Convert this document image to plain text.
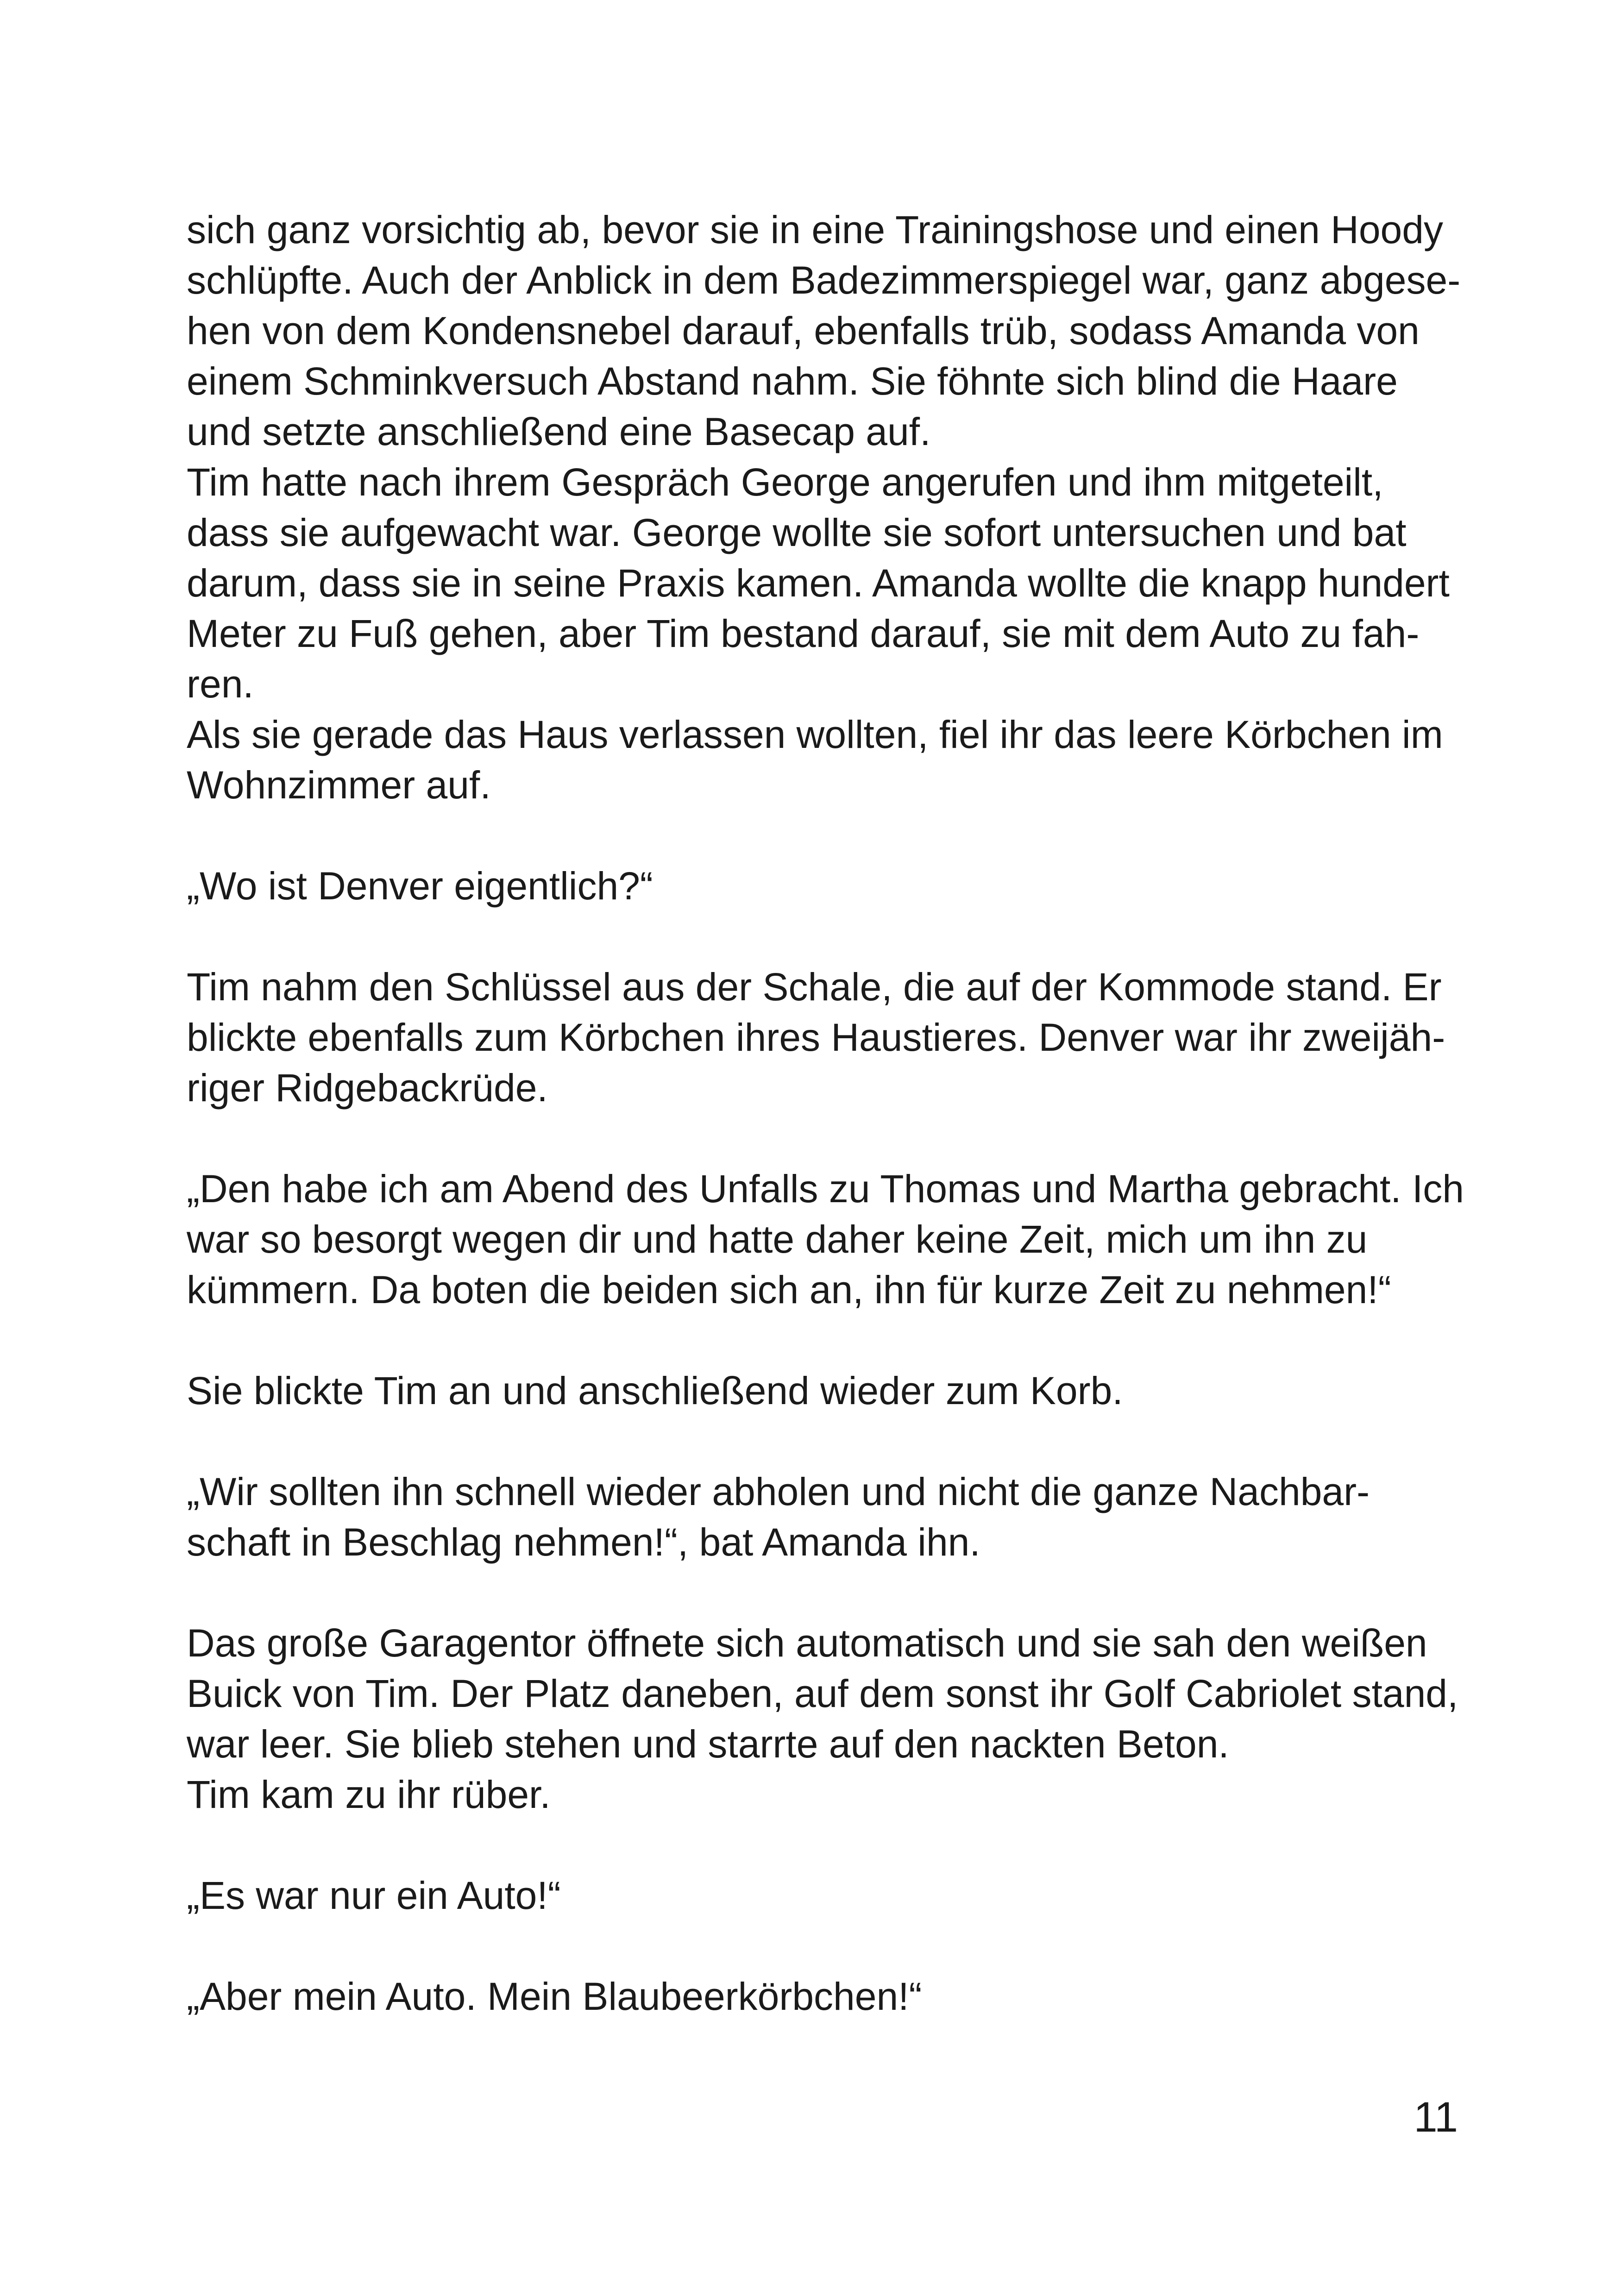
sich ganz vorsichtig ab, bevor sie in eine Trainingshose und einen Hoody
schlüpfte. Auch der Anblick in dem Badezimmerspiegel war, ganz abgese-
hen von dem Kondensnebel darauf, ebenfalls trüb, sodass Amanda von
einem Schminkversuch Abstand nahm. Sie föhnte sich blind die Haare
und setzte anschließend eine Basecap auf.
Tim hatte nach ihrem Gespräch George angerufen und ihm mitgeteilt,
dass sie aufgewacht war. George wollte sie sofort untersuchen und bat
darum, dass sie in seine Praxis kamen. Amanda wollte die knapp hundert
Meter zu Fuß gehen, aber Tim bestand darauf, sie mit dem Auto zu fah-
ren.
Als sie gerade das Haus verlassen wollten, fiel ihr das leere Körbchen im
Wohnzimmer auf.
„Wo ist Denver eigentlich?“
Tim nahm den Schlüssel aus der Schale, die auf der Kommode stand. Er
blickte ebenfalls zum Körbchen ihres Haustieres. Denver war ihr zweijäh-
riger Ridgebackrüde.
„Den habe ich am Abend des Unfalls zu Thomas und Martha gebracht. Ich
war so besorgt wegen dir und hatte daher keine Zeit, mich um ihn zu
kümmern. Da boten die beiden sich an, ihn für kurze Zeit zu nehmen!“
Sie blickte Tim an und anschließend wieder zum Korb.
„Wir sollten ihn schnell wieder abholen und nicht die ganze Nachbar-
schaft in Beschlag nehmen!“, bat Amanda ihn.
Das große Garagentor öffnete sich automatisch und sie sah den weißen
Buick von Tim. Der Platz daneben, auf dem sonst ihr Golf Cabriolet stand,
war leer. Sie blieb stehen und starrte auf den nackten Beton.
Tim kam zu ihr rüber.
„Es war nur ein Auto!“
„Aber mein Auto. Mein Blaubeerkörbchen!“
11
